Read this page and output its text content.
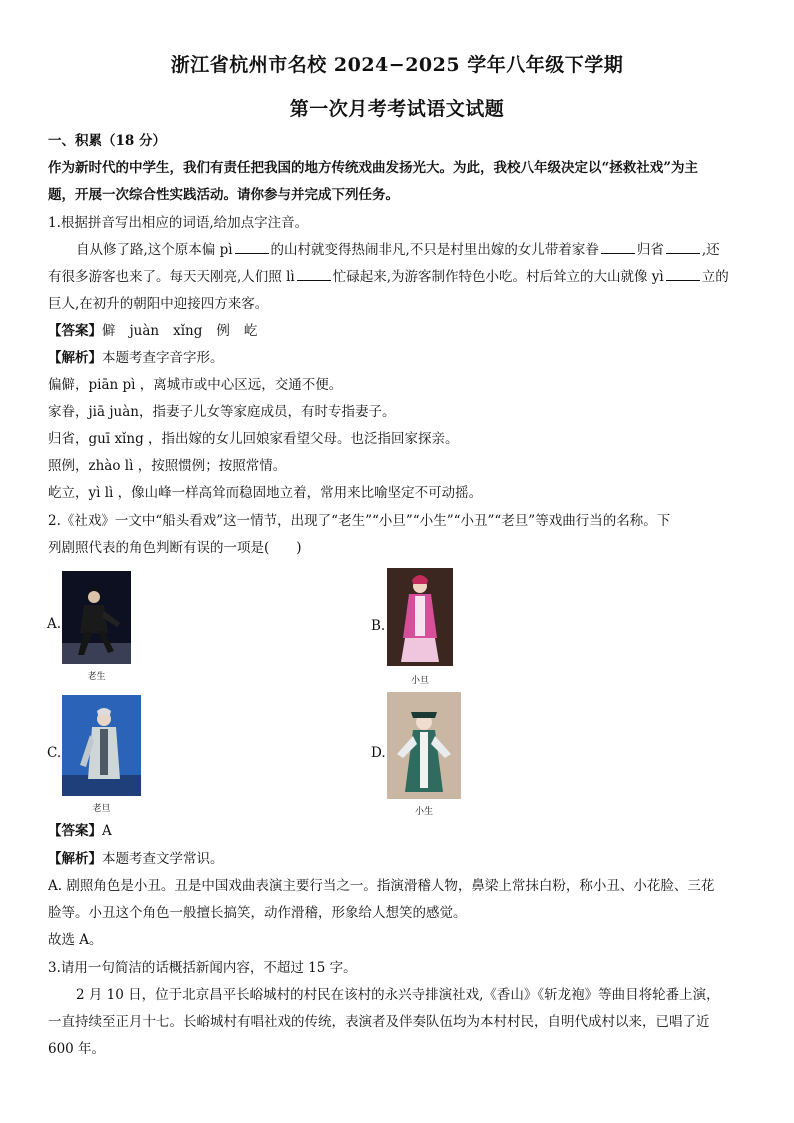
浙江省杭州市名校 2024−2025 学年八年级下学期
第一次月考考试语文试题
一、积累（18 分）
作为新时代的中学生，我们有责任把我国的地方传统戏曲发扬光大。为此，我校八年级决定以“拯救社戏”为主
题，开展一次综合性实践活动。请你参与并完成下列任务。
1.根据拼音写出相应的词语,给加点字注音。
自从修了路,这个原本偏 pì	的山村就变得热闹非凡,不只是村里出嫁的女儿带着家眷	归省	,还
有很多游客也来了。每天天刚亮,人们照 lì	忙碌起来,为游客制作特色小吃。村后耸立的大山就像 yì	立的
巨人,在初升的朝阳中迎接四方来客。
【答案】僻 juàn xǐng 例 屹
【解析】本题考查字音字形。
偏僻，piān pì ，离城市或中心区远，交通不便。
家眷，jiā juàn，指妻子儿女等家庭成员，有时专指妻子。
归省，guī xǐng ，指出嫁的女儿回娘家看望父母。也泛指回家探亲。
照例，zhào lì ，按照惯例；按照常情。
屹立，yì lì ，像山峰一样高耸而稳固地立着，常用来比喻坚定不可动摇。
2.《社戏》一文中“船头看戏”这一情节，出现了“老生”“小旦”“小生”“小丑”“老旦”等戏曲行当的名称。下
列剧照代表的角色判断有误的一项是(　　)
A.
老生
B.
小旦
C.
老旦
D.
小生
【答案】A
【解析】本题考查文学常识。
A. 剧照角色是小丑。丑是中国戏曲表演主要行当之一。指演滑稽人物，鼻梁上常抹白粉，称小丑、小花脸、三花
脸等。小丑这个角色一般擅长搞笑，动作滑稽，形象给人想笑的感觉。
故选 A。
3.请用一句简洁的话概括新闻内容，不超过 15 字。
2 月 10 日，位于北京昌平长峪城村的村民在该村的永兴寺排演社戏,《香山》《斩龙袍》等曲目将轮番上演，
一直持续至正月十七。长峪城村有唱社戏的传统，表演者及伴奏队伍均为本村村民，自明代成村以来，已唱了近
600 年。
